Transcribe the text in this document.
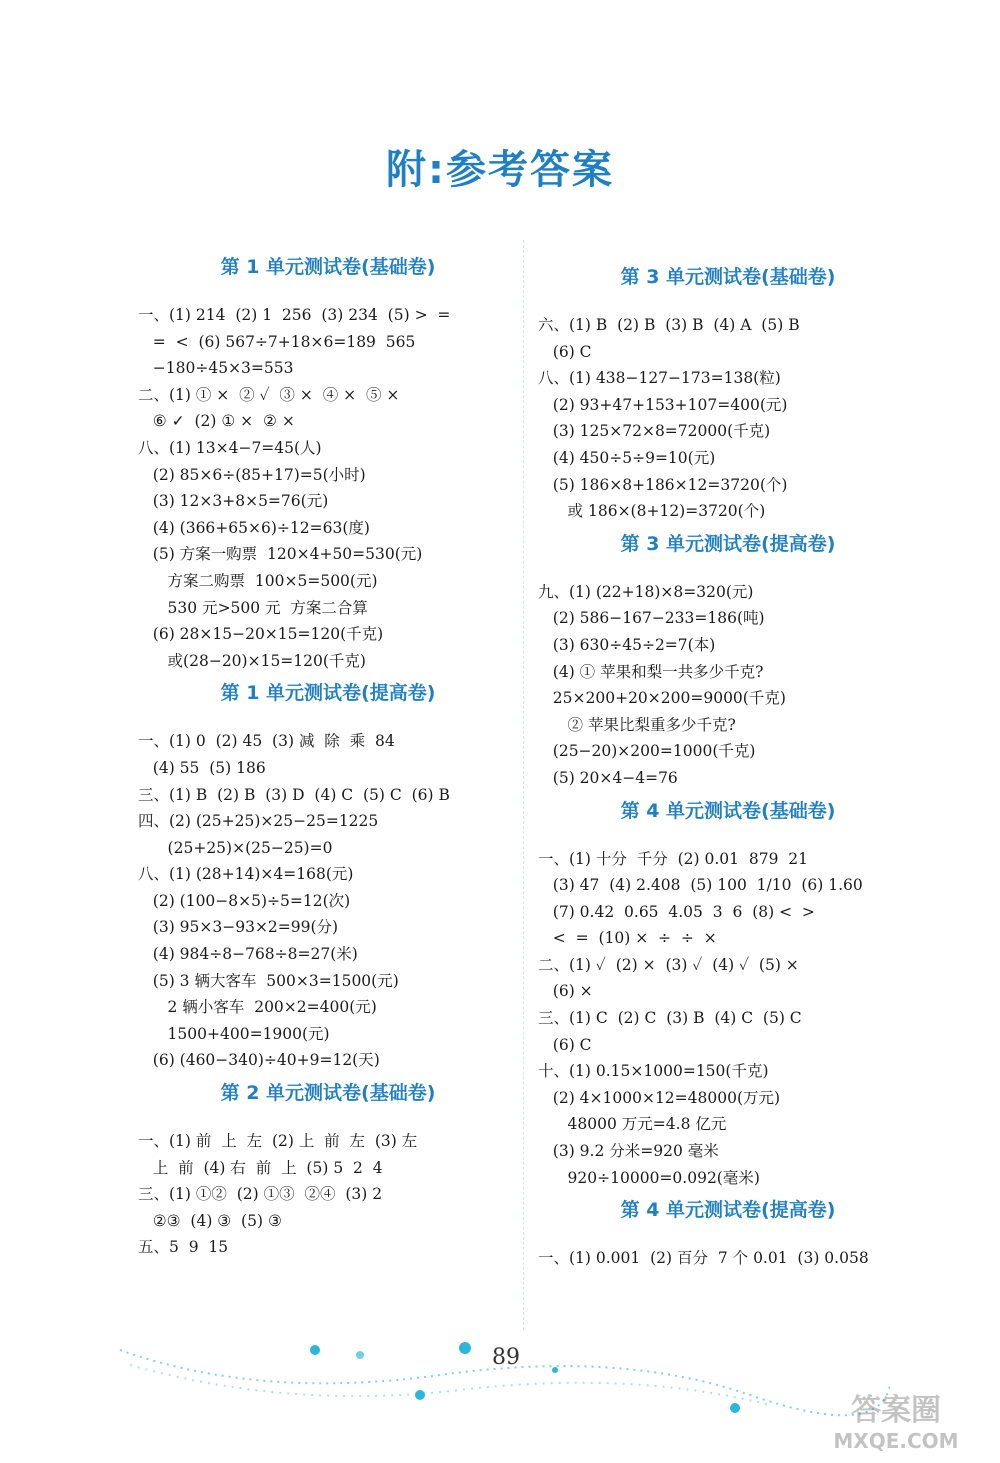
附:参考答案
第 1 单元测试卷(基础卷)
一、(1) 214  (2) 1  256  (3) 234  (5) >  =
=  <  (6) 567÷7+18×6=189  565
−180÷45×3=553
二、(1) ① ×  ② ✓  ③ ×  ④ ×  ⑤ ×
⑥ ✓  (2) ① ×  ② ×
八、(1) 13×4−7=45(人)
(2) 85×6÷(85+17)=5(小时)
(3) 12×3+8×5=76(元)
(4) (366+65×6)÷12=63(度)
(5) 方案一购票  120×4+50=530(元)
方案二购票  100×5=500(元)
530 元>500 元  方案二合算
(6) 28×15−20×15=120(千克)
或(28−20)×15=120(千克)
第 1 单元测试卷(提高卷)
一、(1) 0  (2) 45  (3) 减  除  乘  84
(4) 55  (5) 186
三、(1) B  (2) B  (3) D  (4) C  (5) C  (6) B
四、(2) (25+25)×25−25=1225
(25+25)×(25−25)=0
八、(1) (28+14)×4=168(元)
(2) (100−8×5)÷5=12(次)
(3) 95×3−93×2=99(分)
(4) 984÷8−768÷8=27(米)
(5) 3 辆大客车  500×3=1500(元)
2 辆小客车  200×2=400(元)
1500+400=1900(元)
(6) (460−340)÷40+9=12(天)
第 2 单元测试卷(基础卷)
一、(1) 前  上  左  (2) 上  前  左  (3) 左
上  前  (4) 右  前  上  (5) 5  2  4
三、(1) ①②  (2) ①③  ②④  (3) 2
②③  (4) ③  (5) ③
五、5  9  15
第 3 单元测试卷(基础卷)
六、(1) B  (2) B  (3) B  (4) A  (5) B
(6) C
八、(1) 438−127−173=138(粒)
(2) 93+47+153+107=400(元)
(3) 125×72×8=72000(千克)
(4) 450÷5÷9=10(元)
(5) 186×8+186×12=3720(个)
或 186×(8+12)=3720(个)
第 3 单元测试卷(提高卷)
九、(1) (22+18)×8=320(元)
(2) 586−167−233=186(吨)
(3) 630÷45÷2=7(本)
(4) ① 苹果和梨一共多少千克?
25×200+20×200=9000(千克)
② 苹果比梨重多少千克?
(25−20)×200=1000(千克)
(5) 20×4−4=76
第 4 单元测试卷(基础卷)
一、(1) 十分  千分  (2) 0.01  879  21
(3) 47  (4) 2.408  (5) 100  1/10  (6) 1.60
(7) 0.42  0.65  4.05  3  6  (8) <  >
<  =  (10) ×  ÷  ÷  ×
二、(1) ✓  (2) ×  (3) ✓  (4) ✓  (5) ×
(6) ×
三、(1) C  (2) C  (3) B  (4) C  (5) C
(6) C
十、(1) 0.15×1000=150(千克)
(2) 4×1000×12=48000(万元)
48000 万元=4.8 亿元
(3) 9.2 分米=920 毫米
920÷10000=0.092(毫米)
第 4 单元测试卷(提高卷)
一、(1) 0.001  (2) 百分  7 个 0.01  (3) 0.058
89
答案圈
MXQE.COM
